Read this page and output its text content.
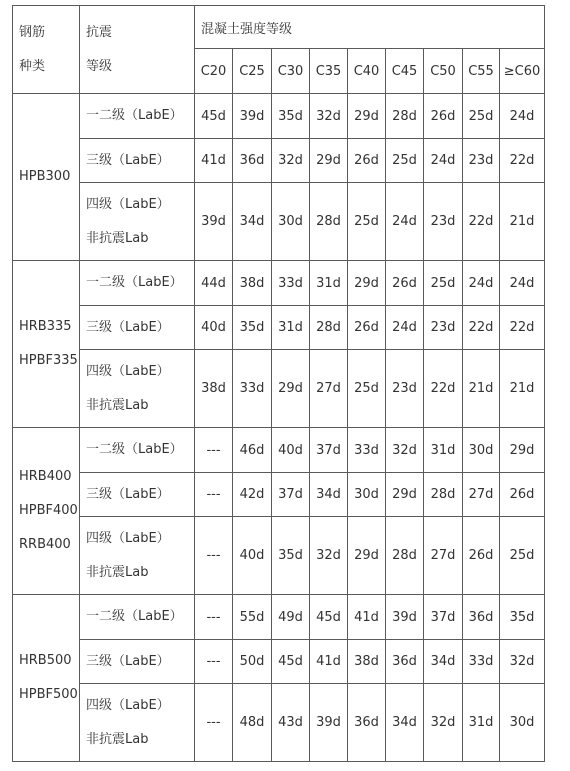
钢筋
种类	抗震
等级	混凝土强度等级								
		C20	C25	C30	C35	C40	C45	C50	C55	≥C60

HPB300	一二级（LabE）	45d	39d	35d	32d	29d	28d	26d	25d	24d

	三级（LabE）	41d	36d	32d	29d	26d	25d	24d	23d	22d

	四级（LabE）
非抗震Lab	39d	34d	30d	28d	25d	24d	23d	22d	21d

HRB335
HPBF335	一二级（LabE）	44d	38d	33d	31d	29d	26d	25d	24d	24d

	三级（LabE）	40d	35d	31d	28d	26d	24d	23d	22d	22d

	四级（LabE）
非抗震Lab	38d	33d	29d	27d	25d	23d	22d	21d	21d

HRB400
HPBF400
RRB400	一二级（LabE）	---	46d	40d	37d	33d	32d	31d	30d	29d

	三级（LabE）	---	42d	37d	34d	30d	29d	28d	27d	26d

	四级（LabE）
非抗震Lab	---	40d	35d	32d	29d	28d	27d	26d	25d

HRB500
HPBF500	一二级（LabE）	---	55d	49d	45d	41d	39d	37d	36d	35d

	三级（LabE）	---	50d	45d	41d	38d	36d	34d	33d	32d

	四级（LabE）
非抗震Lab	---	48d	43d	39d	36d	34d	32d	31d	30d
